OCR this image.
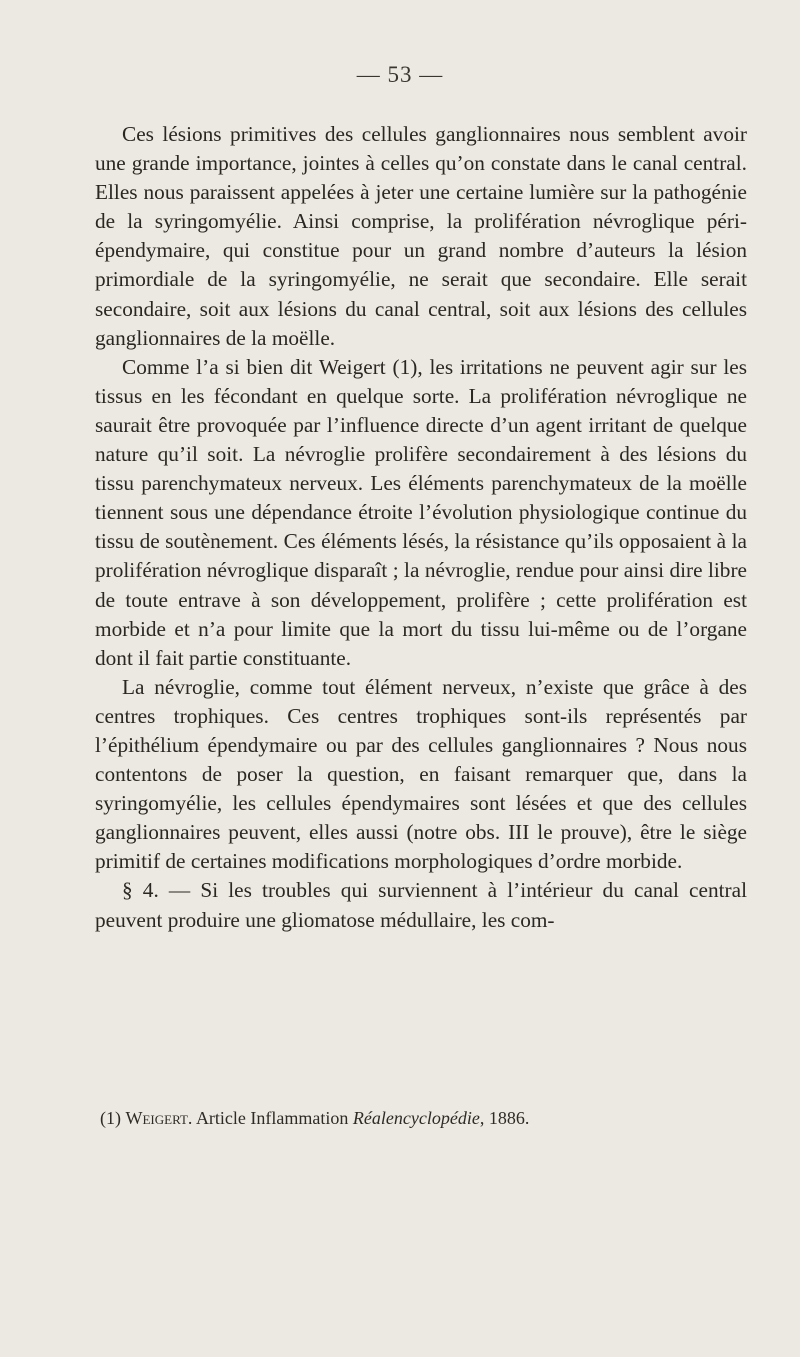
— 53 —

Ces lésions primitives des cellules ganglionnaires nous semblent avoir une grande importance, jointes à celles qu’on constate dans le canal central. Elles nous paraissent appelées à jeter une certaine lumière sur la pathogénie de la syringomyélie. Ainsi comprise, la prolifération névroglique péri-épendymaire, qui constitue pour un grand nombre d’auteurs la lésion primordiale de la syringomyélie, ne serait que secondaire. Elle serait secondaire, soit aux lésions du canal central, soit aux lésions des cellules ganglionnaires de la moëlle.

Comme l’a si bien dit Weigert (1), les irritations ne peuvent agir sur les tissus en les fécondant en quelque sorte. La prolifération névroglique ne saurait être provoquée par l’influence directe d’un agent irritant de quelque nature qu’il soit. La névroglie prolifère secondairement à des lésions du tissu parenchymateux nerveux. Les éléments parenchymateux de la moëlle tiennent sous une dépendance étroite l’évolution physiologique continue du tissu de soutènement. Ces éléments lésés, la résistance qu’ils opposaient à la prolifération névroglique disparaît ; la névroglie, rendue pour ainsi dire libre de toute entrave à son développement, prolifère ; cette prolifération est morbide et n’a pour limite que la mort du tissu lui-même ou de l’organe dont il fait partie constituante.

La névroglie, comme tout élément nerveux, n’existe que grâce à des centres trophiques. Ces centres trophiques sont-ils représentés par l’épithélium épendymaire ou par des cellules ganglionnaires ? Nous nous contentons de poser la question, en faisant remarquer que, dans la syringomyélie, les cellules épendymaires sont lésées et que des cellules ganglionnaires peuvent, elles aussi (notre obs. III le prouve), être le siège primitif de certaines modifications morphologiques d’ordre morbide.

§ 4. — Si les troubles qui surviennent à l’intérieur du canal central peuvent produire une gliomatose médullaire, les com-

(1) Weigert. Article Inflammation Réalencyclopédie, 1886.
